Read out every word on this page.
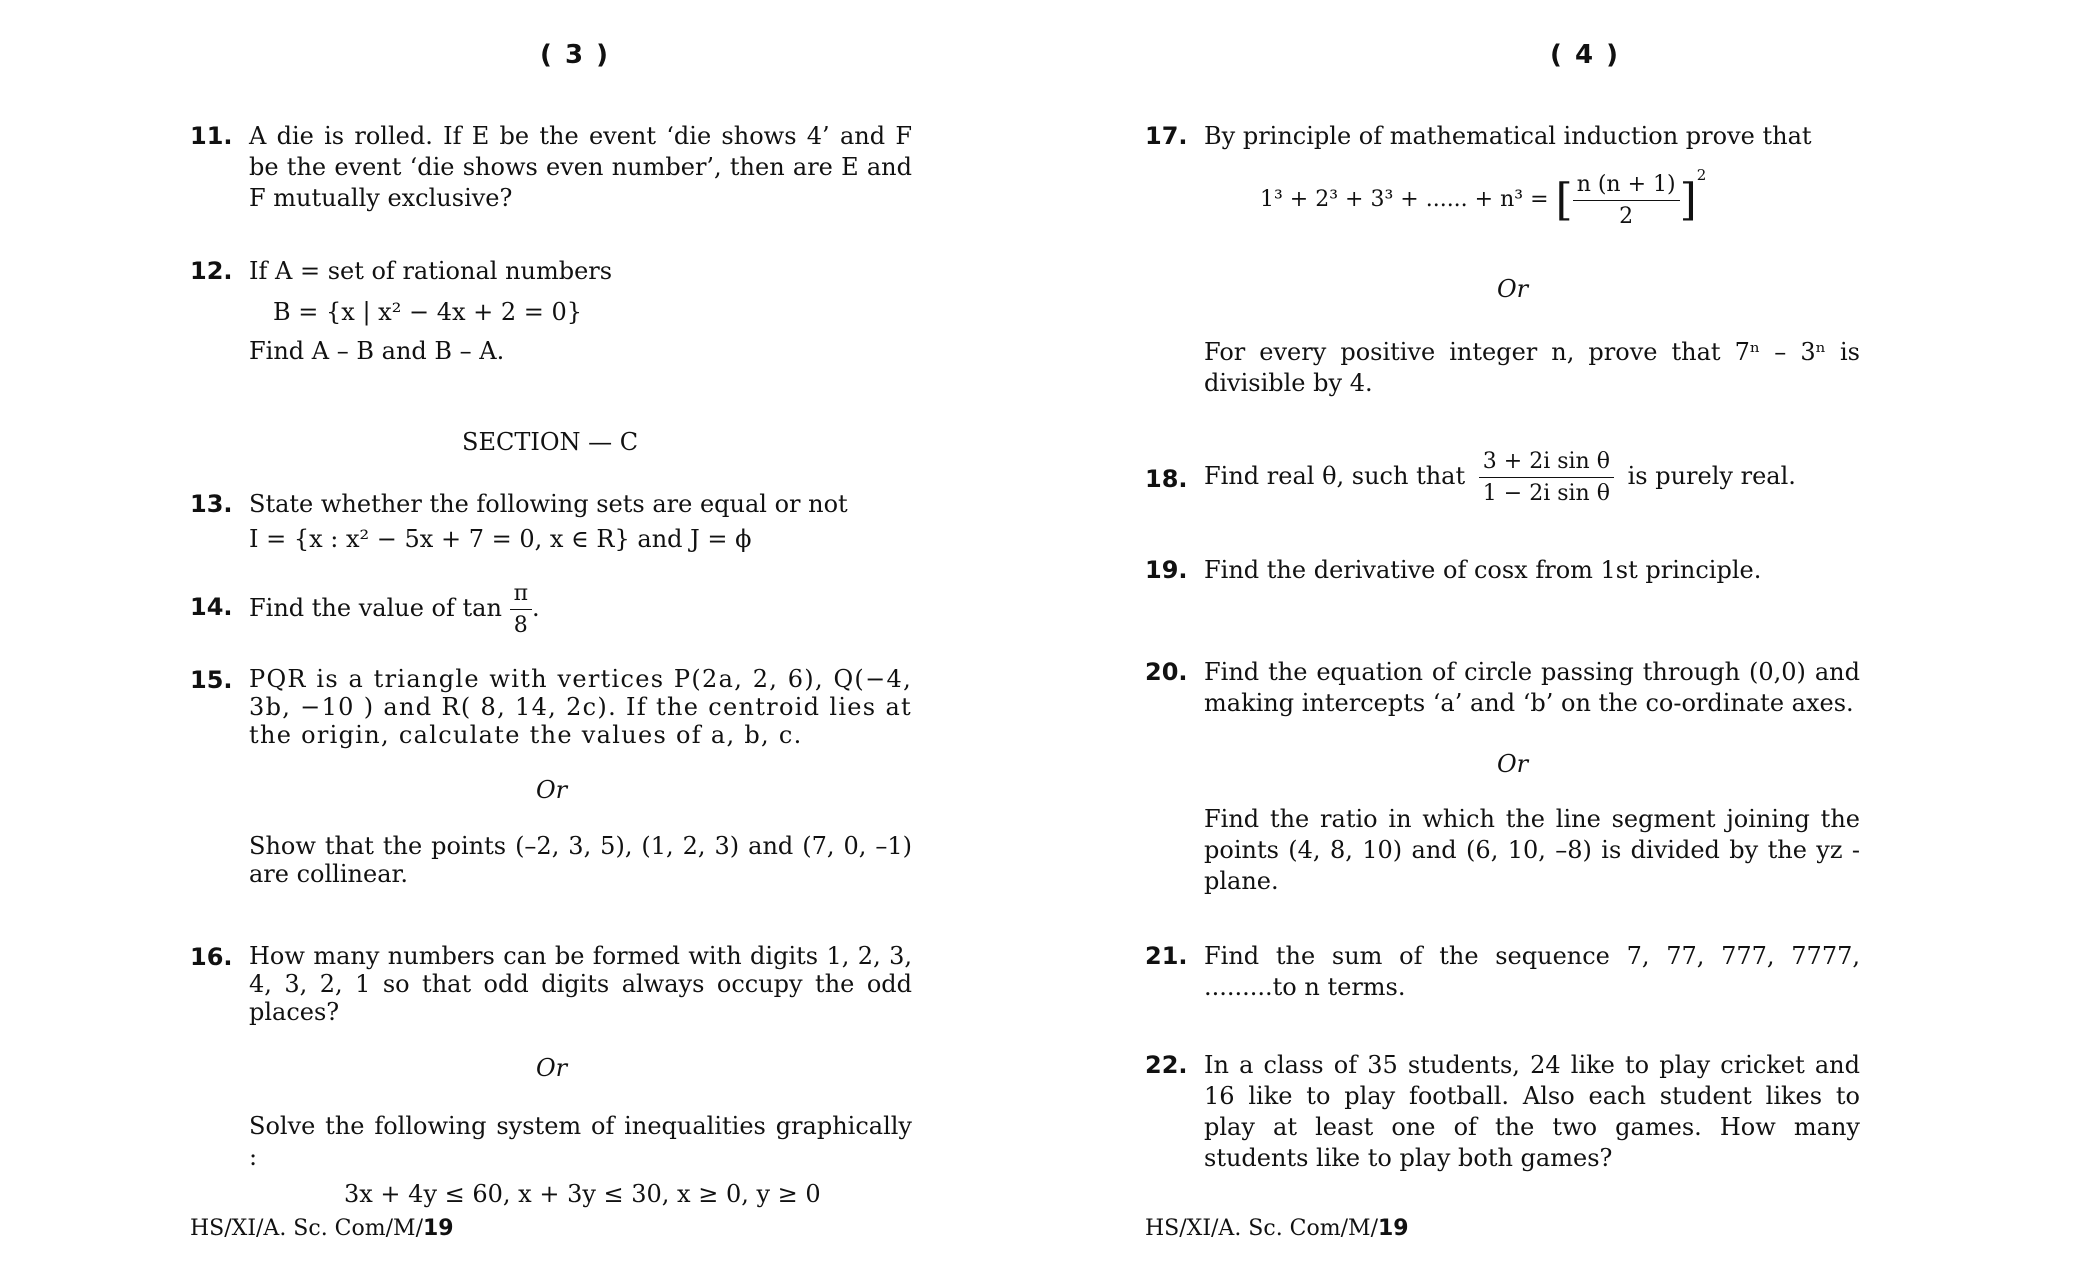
( 3 )
11. A die is rolled. If E be the event ‘die shows 4’ and F be the event ‘die shows even number’, then are E and F mutually exclusive?
12. If A = set of rational numbers
B = {x | x² − 4x + 2 = 0}
Find A – B and B – A.
SECTION — C
13. State whether the following sets are equal or not
I = {x : x² − 5x + 7 = 0, x ∈ R} and J = ϕ
14. Find the value of $\tan \frac{\pi}{8}$ .
15. PQR is a triangle with vertices P(2a, 2, 6), Q(−4, 3b, −10 ) and R( 8, 14, 2c). If the centroid lies at the origin, calculate the values of a, b, c.
Or
Show that the points (–2, 3, 5), (1, 2, 3) and (7, 0, –1) are collinear.
16. How many numbers can be formed with digits 1, 2, 3, 4, 3, 2, 1 so that odd digits always occupy the odd places?
Or
Solve the following system of inequalities graphically :
3x + 4y ≤ 60, x + 3y ≤ 30, x ≥ 0, y ≥ 0
HS/XI/A. Sc. Com/M/19
( 4 )
17. By principle of mathematical induction prove that
1³ + 2³ + 3³ + ...... + n³ = [ $\frac{n (n + 1)}{2} ]^2$
Or
For every positive integer n, prove that 7ⁿ – 3ⁿ is divisible by 4.
18. Find real θ, such that $\frac{\text{3 + 2i sin θ}}{\text{1 − 2i sin θ}}$ is purely real.
19. Find the derivative of cosx from 1st principle.
20. Find the equation of circle passing through (0,0) and making intercepts ‘a’ and ‘b’ on the co-ordinate axes.
Or
Find the ratio in which the line segment joining the points (4, 8, 10) and (6, 10, –8) is divided by the yz - plane.
21. Find the sum of the sequence 7, 77, 777, 7777, .........to n terms.
22. In a class of 35 students, 24 like to play cricket and 16 like to play football. Also each student likes to play at least one of the two games. How many students like to play both games?
HS/XI/A. Sc. Com/M/19
